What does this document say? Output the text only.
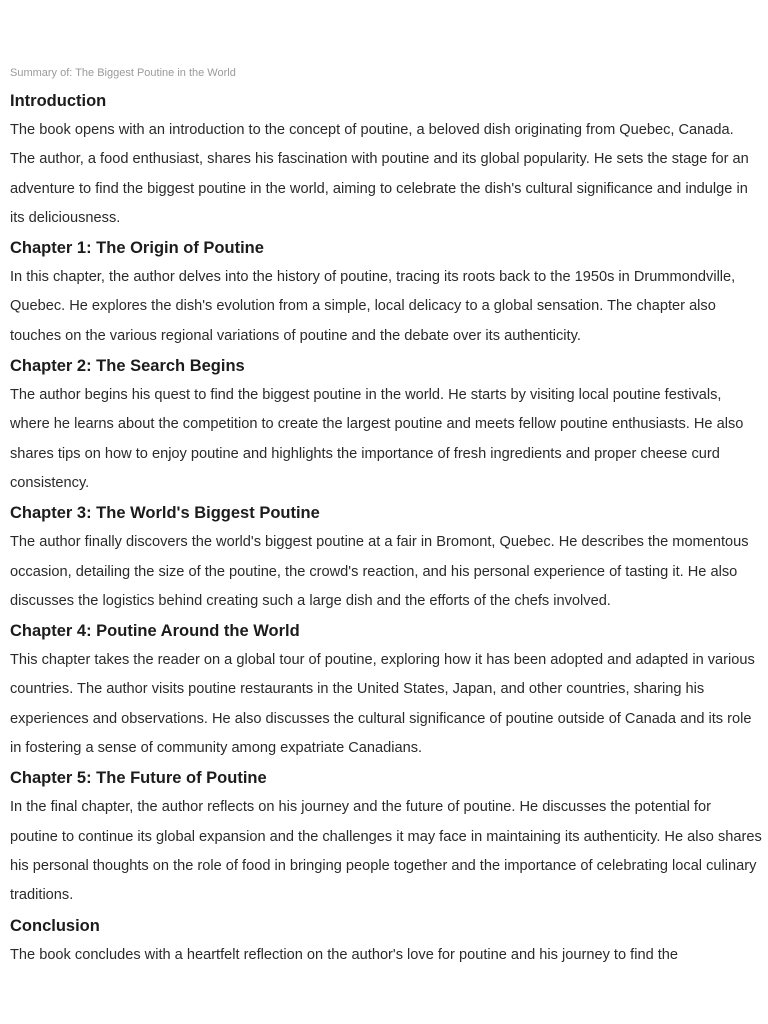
Summary of: The Biggest Poutine in the World
Introduction

The book opens with an introduction to the concept of poutine, a beloved dish originating from Quebec, Canada. The author, a food enthusiast, shares his fascination with poutine and its global popularity. He sets the stage for an adventure to find the biggest poutine in the world, aiming to celebrate the dish's cultural significance and indulge in its deliciousness.

Chapter 1: The Origin of Poutine

In this chapter, the author delves into the history of poutine, tracing its roots back to the 1950s in Drummondville, Quebec. He explores the dish's evolution from a simple, local delicacy to a global sensation. The chapter also touches on the various regional variations of poutine and the debate over its authenticity.

Chapter 2: The Search Begins

The author begins his quest to find the biggest poutine in the world. He starts by visiting local poutine festivals, where he learns about the competition to create the largest poutine and meets fellow poutine enthusiasts. He also shares tips on how to enjoy poutine and highlights the importance of fresh ingredients and proper cheese curd consistency.

Chapter 3: The World's Biggest Poutine

The author finally discovers the world's biggest poutine at a fair in Bromont, Quebec. He describes the momentous occasion, detailing the size of the poutine, the crowd's reaction, and his personal experience of tasting it. He also discusses the logistics behind creating such a large dish and the efforts of the chefs involved.

Chapter 4: Poutine Around the World

This chapter takes the reader on a global tour of poutine, exploring how it has been adopted and adapted in various countries. The author visits poutine restaurants in the United States, Japan, and other countries, sharing his experiences and observations. He also discusses the cultural significance of poutine outside of Canada and its role in fostering a sense of community among expatriate Canadians.

Chapter 5: The Future of Poutine

In the final chapter, the author reflects on his journey and the future of poutine. He discusses the potential for poutine to continue its global expansion and the challenges it may face in maintaining its authenticity. He also shares his personal thoughts on the role of food in bringing people together and the importance of celebrating local culinary traditions.

Conclusion

The book concludes with a heartfelt reflection on the author's love for poutine and his journey to find the
